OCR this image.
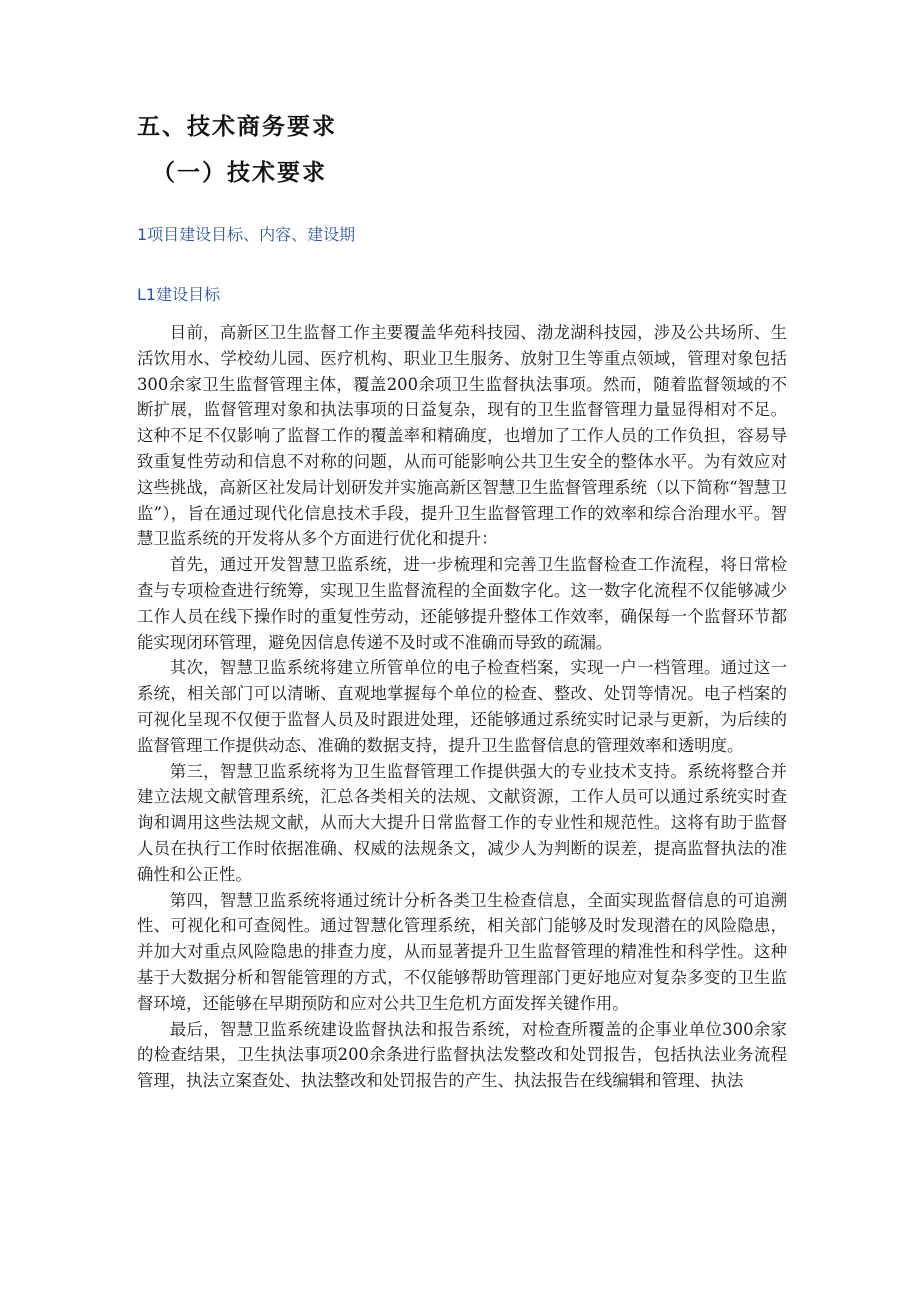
五、技术商务要求
（一）技术要求
1项目建设目标、内容、建设期
L1建设目标

目前，高新区卫生监督工作主要覆盖华苑科技园、渤龙湖科技园，涉及公共场所、生活饮用水、学校幼儿园、医疗机构、职业卫生服务、放射卫生等重点领域，管理对象包括300余家卫生监督管理主体，覆盖200余项卫生监督执法事项。然而，随着监督领域的不断扩展，监督管理对象和执法事项的日益复杂，现有的卫生监督管理力量显得相对不足。这种不足不仅影响了监督工作的覆盖率和精确度，也增加了工作人员的工作负担，容易导致重复性劳动和信息不对称的问题，从而可能影响公共卫生安全的整体水平。为有效应对这些挑战，高新区社发局计划研发并实施高新区智慧卫生监督管理系统（以下简称“智慧卫监”），旨在通过现代化信息技术手段，提升卫生监督管理工作的效率和综合治理水平。智慧卫监系统的开发将从多个方面进行优化和提升：

首先，通过开发智慧卫监系统，进一步梳理和完善卫生监督检查工作流程，将日常检查与专项检查进行统筹，实现卫生监督流程的全面数字化。这一数字化流程不仅能够减少工作人员在线下操作时的重复性劳动，还能够提升整体工作效率，确保每一个监督环节都能实现闭环管理，避免因信息传递不及时或不准确而导致的疏漏。

其次，智慧卫监系统将建立所管单位的电子检查档案，实现一户一档管理。通过这一系统，相关部门可以清晰、直观地掌握每个单位的检查、整改、处罚等情况。电子档案的可视化呈现不仅便于监督人员及时跟进处理，还能够通过系统实时记录与更新，为后续的监督管理工作提供动态、准确的数据支持，提升卫生监督信息的管理效率和透明度。

第三，智慧卫监系统将为卫生监督管理工作提供强大的专业技术支持。系统将整合并建立法规文献管理系统，汇总各类相关的法规、文献资源，工作人员可以通过系统实时查询和调用这些法规文献，从而大大提升日常监督工作的专业性和规范性。这将有助于监督人员在执行工作时依据准确、权威的法规条文，减少人为判断的误差，提高监督执法的准确性和公正性。

第四，智慧卫监系统将通过统计分析各类卫生检查信息，全面实现监督信息的可追溯性、可视化和可查阅性。通过智慧化管理系统，相关部门能够及时发现潜在的风险隐患，并加大对重点风险隐患的排查力度，从而显著提升卫生监督管理的精准性和科学性。这种基于大数据分析和智能管理的方式，不仅能够帮助管理部门更好地应对复杂多变的卫生监督环境，还能够在早期预防和应对公共卫生危机方面发挥关键作用。

最后，智慧卫监系统建设监督执法和报告系统，对检查所覆盖的企事业单位300余家的检查结果，卫生执法事项200余条进行监督执法发整改和处罚报告，包括执法业务流程管理，执法立案查处、执法整改和处罚报告的产生、执法报告在线编辑和管理、执法
